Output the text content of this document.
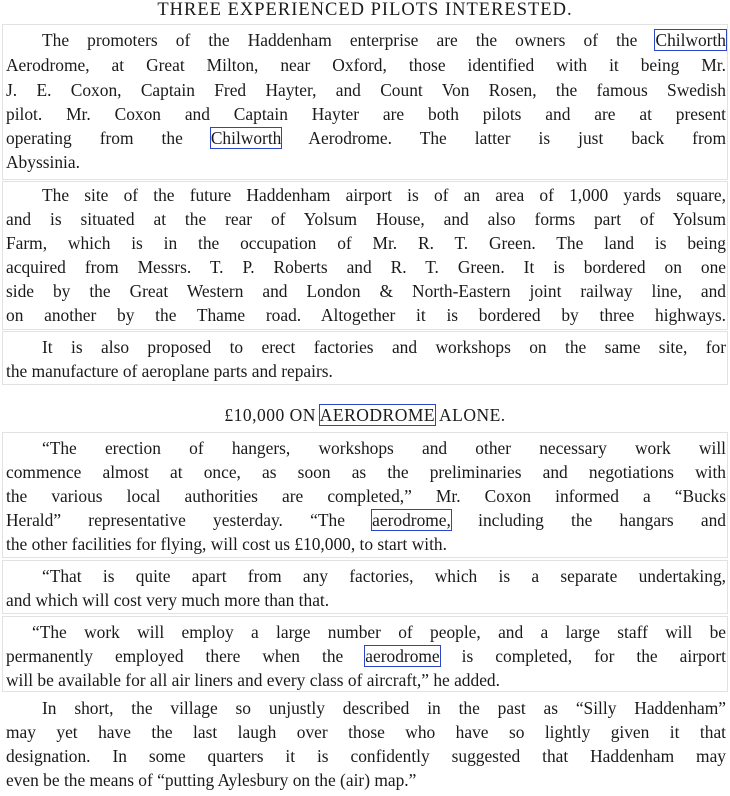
THREE EXPERIENCED PILOTS INTERESTED.
The promoters of the Haddenham enterprise are the owners of the Chilworth
Aerodrome, at Great Milton, near Oxford, those identified with it being Mr.
J. E. Coxon, Captain Fred Hayter, and Count Von Rosen, the famous Swedish
pilot. Mr. Coxon and Captain Hayter are both pilots and are at present
operating from the Chilworth Aerodrome. The latter is just back from
Abyssinia.
The site of the future Haddenham airport is of an area of 1,000 yards square,
and is situated at the rear of Yolsum House, and also forms part of Yolsum
Farm, which is in the occupation of Mr. R. T. Green. The land is being
acquired from Messrs. T. P. Roberts and R. T. Green. It is bordered on one
side by the Great Western and London & North-Eastern joint railway line, and
on another by the Thame road. Altogether it is bordered by three highways.
It is also proposed to erect factories and workshops on the same site, for
the manufacture of aeroplane parts and repairs.
£10,000 ON AERODROME ALONE.
“The erection of hangers, workshops and other necessary work will
commence almost at once, as soon as the preliminaries and negotiations with
the various local authorities are completed,” Mr. Coxon informed a “Bucks
Herald” representative yesterday. “The aerodrome, including the hangars and
the other facilities for flying, will cost us £10,000, to start with.
“That is quite apart from any factories, which is a separate undertaking,
and which will cost very much more than that.
“The work will employ a large number of people, and a large staff will be
permanently employed there when the aerodrome is completed, for the airport
will be available for all air liners and every class of aircraft,” he added.
In short, the village so unjustly described in the past as “Silly Haddenham”
may yet have the last laugh over those who have so lightly given it that
designation. In some quarters it is confidently suggested that Haddenham may
even be the means of “putting Aylesbury on the (air) map.”
